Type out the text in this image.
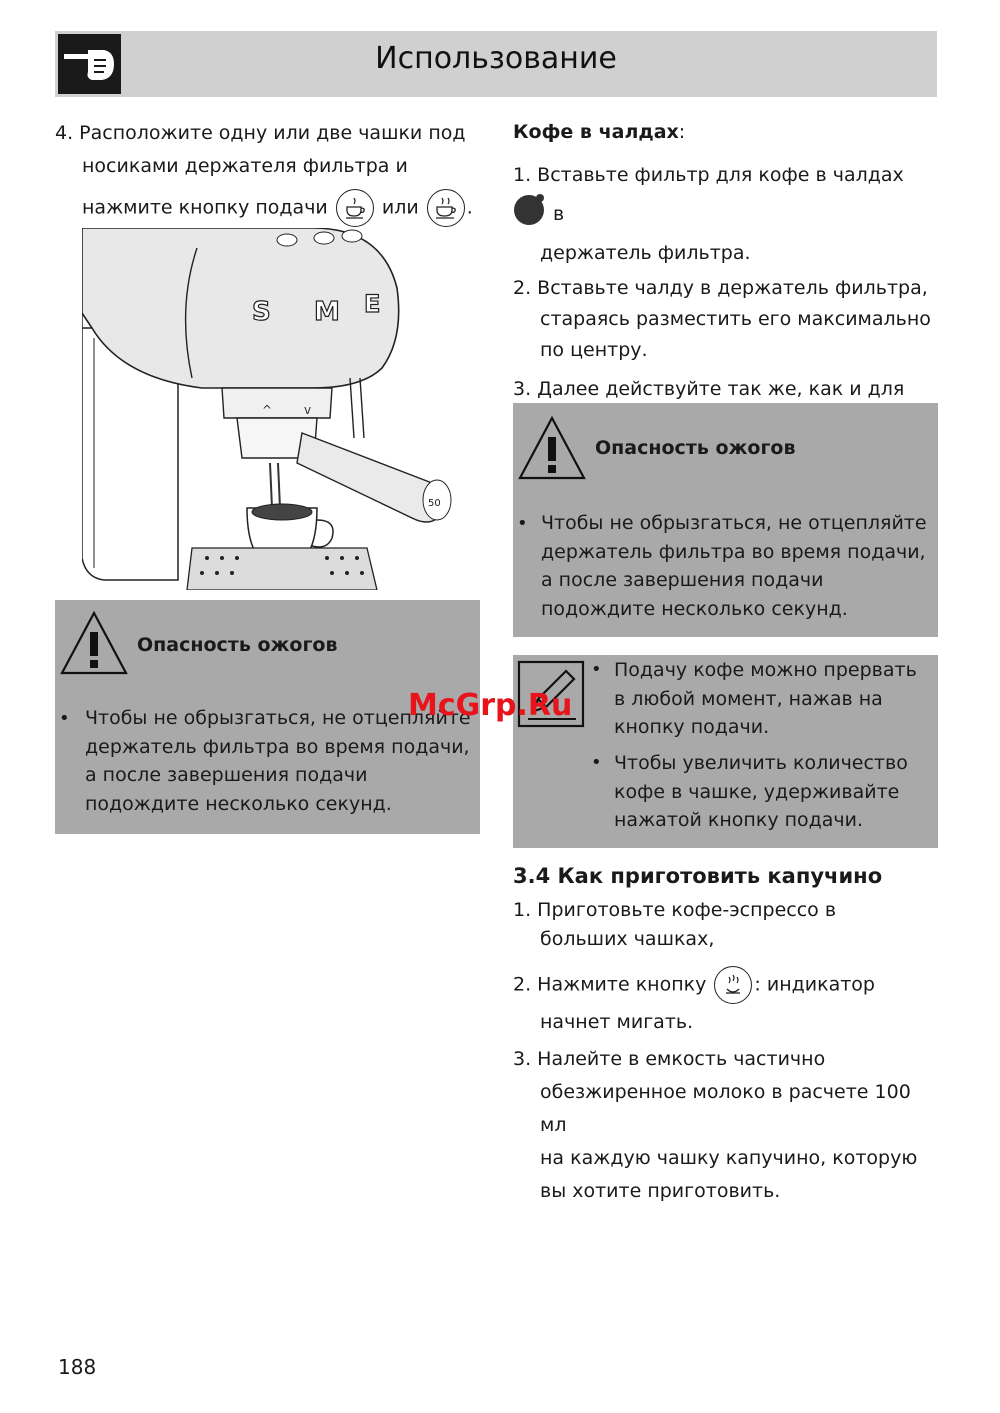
Использование

4. Расположите одну или две чашки под

носиками держателя фильтра и

нажмите кнопку подачи	или	.

S M E
^	v
50
Опасность ожогов
• Чтобы не обрызгаться, не отцепляйте
держатель фильтра во время подачи,
а после завершения подачи
подождите несколько секунд.

Кофе в чалдах:

1. Вставьте фильтр для кофе в чалдах  в

держатель фильтра.

2. Вставьте чалду в держатель фильтра,

стараясь разместить его максимально

по центру.

3. Далее действуйте так же, как и для

Опасность ожогов
• Чтобы не обрызгаться, не отцепляйте
держатель фильтра во время подачи,
а после завершения подачи
подождите несколько секунд.
• Подачу кофе можно прервать
в любой момент, нажав на
кнопку подачи.
• Чтобы увеличить количество
кофе в чашке, удерживайте
нажатой кнопку подачи.
3.4 Как приготовить капучино

1. Приготовьте кофе-эспрессо в

больших чашках,

2. Нажмите кнопку	: индикатор

начнет мигать.

3. Налейте в емкость частично

обезжиренное молоко в расчете 100 мл

на каждую чашку капучино, которую

вы хотите приготовить.

McGrp.Ru
188
